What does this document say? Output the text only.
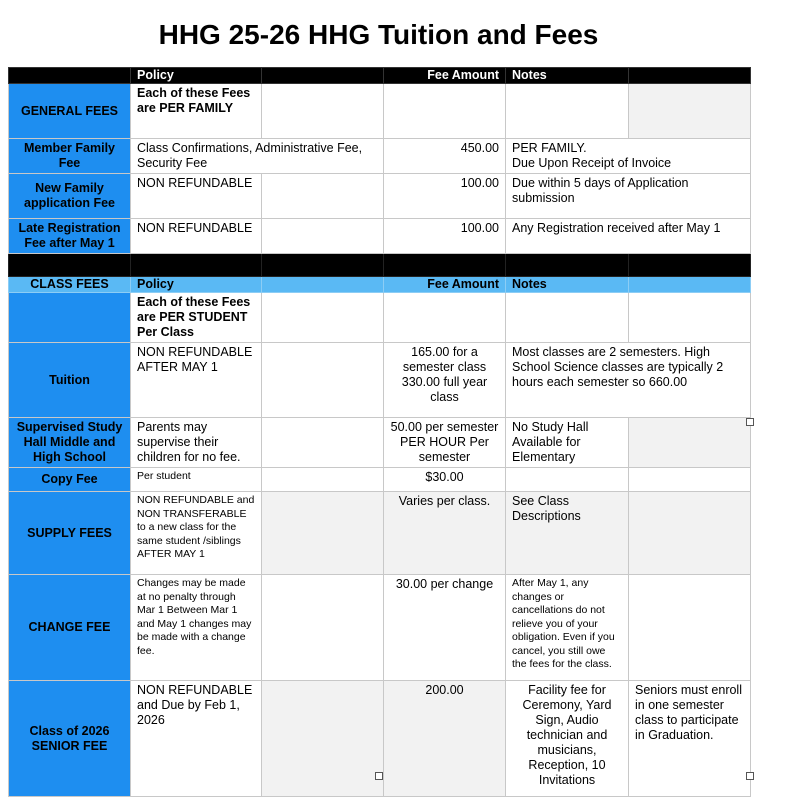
HHG 25-26 HHG Tuition and Fees
	Policy		Fee Amount	Notes	
GENERAL FEES	Each of these Fees are PER FAMILY				
Member Family Fee	Class Confirmations, Administrative Fee, Security Fee		450.00	PER FAMILY.
Due Upon Receipt of Invoice	
New Family application Fee	NON REFUNDABLE		100.00	Due within 5 days of Application submission	
Late Registration Fee after May 1	NON REFUNDABLE		100.00	Any Registration received after May 1	

CLASS FEES	Policy		Fee Amount	Notes	
	Each of these Fees are PER STUDENT Per Class				
Tuition	NON REFUNDABLE AFTER MAY 1		165.00 for a semester class 330.00 full year class	Most classes are 2 semesters. High School Science classes are typically 2 hours each semester so 660.00	
Supervised Study Hall Middle and High School	Parents may supervise their children for no fee.		50.00 per semester PER HOUR Per semester	No Study Hall Available for Elementary	
Copy Fee	Per student		$30.00		
SUPPLY FEES	NON REFUNDABLE and NON TRANSFERABLE to a new class for the same student /siblings AFTER MAY 1		Varies per class.	See Class Descriptions	
CHANGE FEE	Changes may be made at no penalty through Mar 1 Between Mar 1 and May 1 changes may be made with a change fee.		30.00 per change	After May 1, any changes or cancellations do not relieve you of your obligation. Even if you cancel, you still owe the fees for the class.	
Class of 2026 SENIOR FEE	NON REFUNDABLE and Due by Feb 1, 2026		200.00	Facility fee for Ceremony, Yard Sign, Audio technician and musicians, Reception, 10 Invitations	Seniors must enroll in one semester class to participate in Graduation.
